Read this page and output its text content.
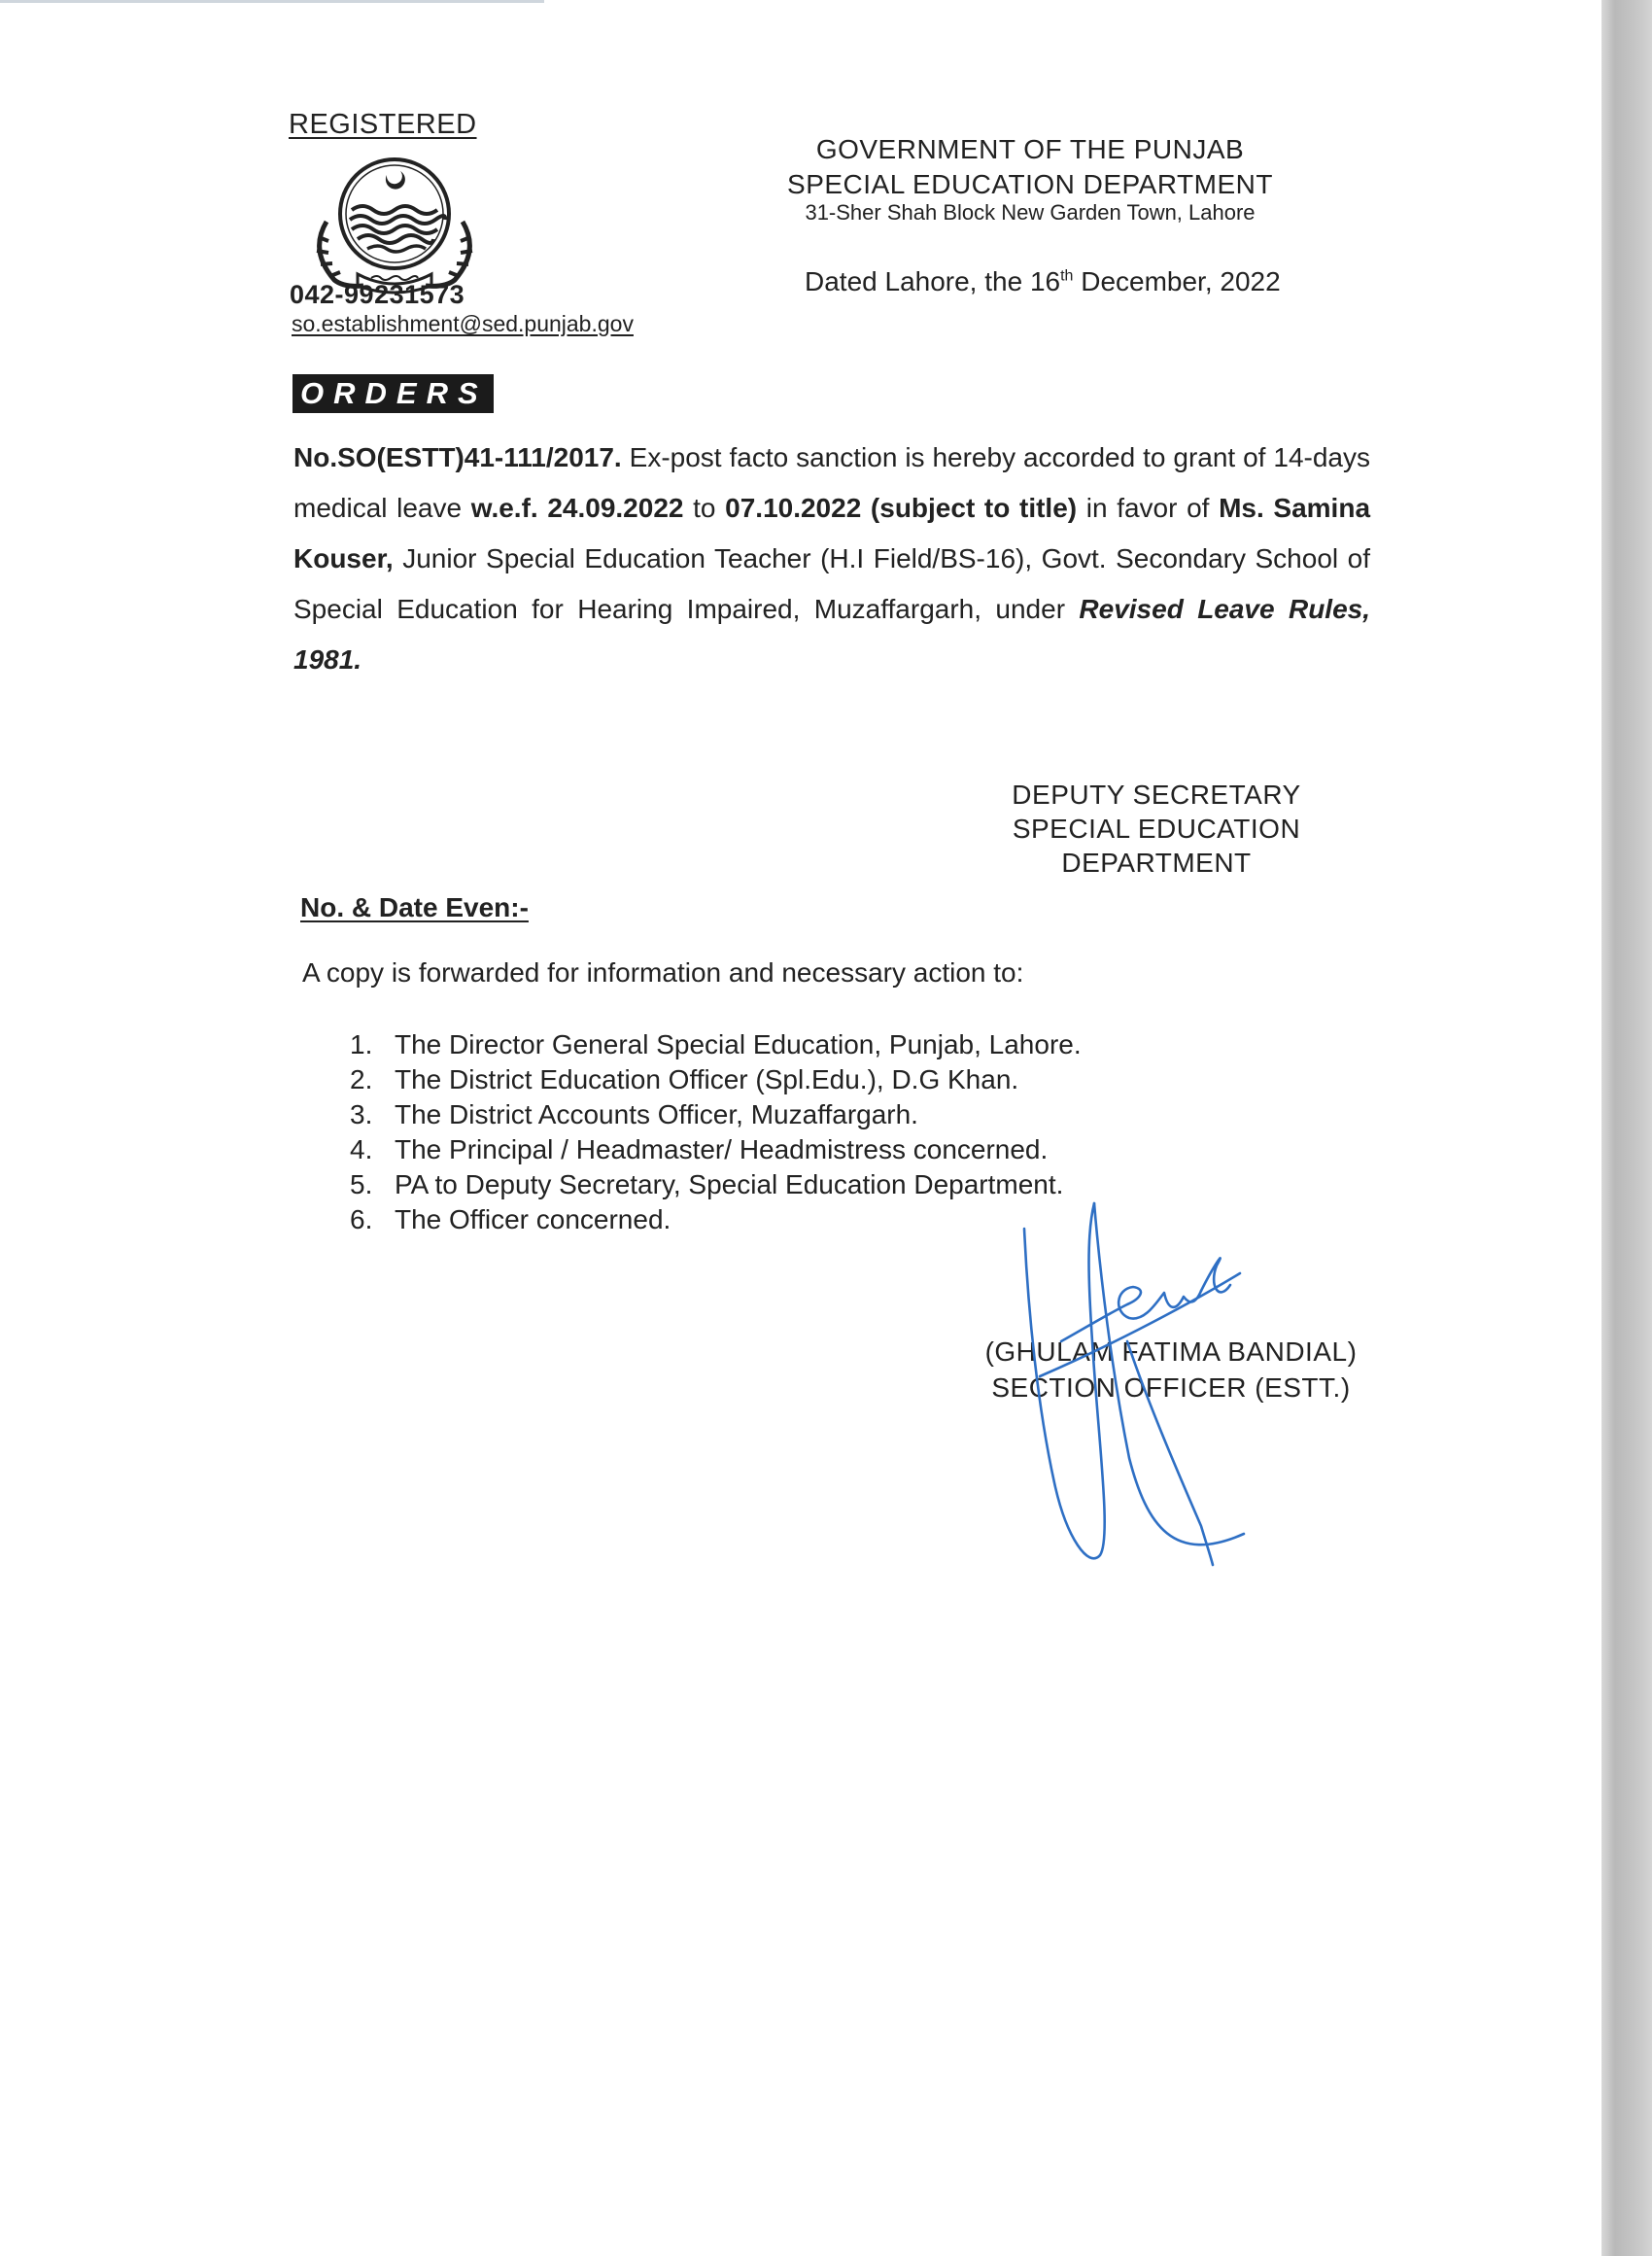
REGISTERED
042-99231573
so.establishment@sed.punjab.gov
GOVERNMENT OF THE PUNJAB
SPECIAL EDUCATION DEPARTMENT
31-Sher Shah Block New Garden Town, Lahore
Dated Lahore, the 16th December, 2022
ORDERS
No.SO(ESTT)41-111/2017. Ex-post facto sanction is hereby accorded to grant of 14-days medical leave w.e.f. 24.09.2022 to 07.10.2022 (subject to title) in favor of Ms. Samina Kouser, Junior Special Education Teacher (H.I Field/BS-16), Govt. Secondary School of Special Education for Hearing Impaired, Muzaffargarh, under Revised Leave Rules, 1981.
DEPUTY SECRETARY
SPECIAL EDUCATION
DEPARTMENT
No. & Date Even:-
A copy is forwarded for information and necessary action to:
1. The Director General Special Education, Punjab, Lahore.
2. The District Education Officer (Spl.Edu.), D.G Khan.
3. The District Accounts Officer, Muzaffargarh.
4. The Principal / Headmaster/ Headmistress concerned.
5. PA to Deputy Secretary, Special Education Department.
6. The Officer concerned.
(GHULAM FATIMA BANDIAL)
SECTION OFFICER (ESTT.)
